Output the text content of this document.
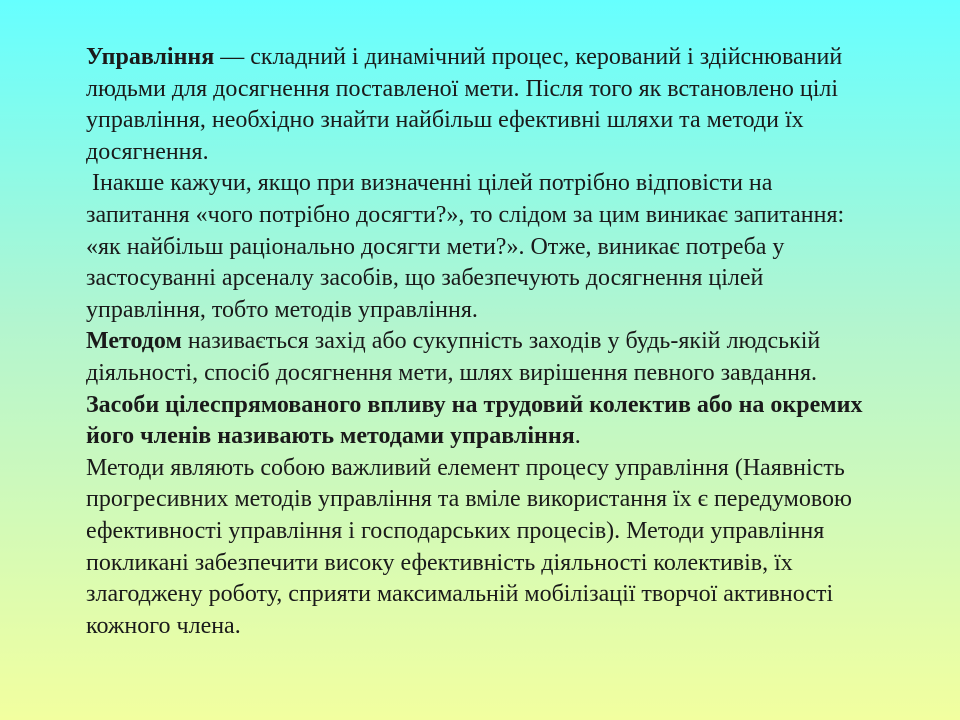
Управління — складний і динамічний процес, керований і здійснюваний
людьми для досягнення поставленої мети. Після того як встановлено цілі
управління, необхідно знайти найбільш ефективні шляхи та методи їх
досягнення.

Інакше кажучи, якщо при визначенні цілей потрібно відповісти на
запитання «чого потрібно досягти?», то слідом за цим виникає запитання:
«як найбільш раціонально досягти мети?». Отже, виникає потреба у
застосуванні арсеналу засобів, що забезпечують досягнення цілей
управління, тобто методів управління.

Методом називається захід або сукупність заходів у будь-якій людській
діяльності, спосіб досягнення мети, шлях вирішення певного завдання.

Засоби цілеспрямованого впливу на трудовий колектив або на окремих
його членів називають методами управління.

Методи являють собою важливий елемент процесу управління (Наявність
прогресивних методів управління та вміле використання їх є передумовою
ефективності управління і господарських процесів). Методи управління
покликані забезпечити високу ефективність діяльності колективів, їх
злагоджену роботу, сприяти максимальній мобілізації творчої активності
кожного члена.
